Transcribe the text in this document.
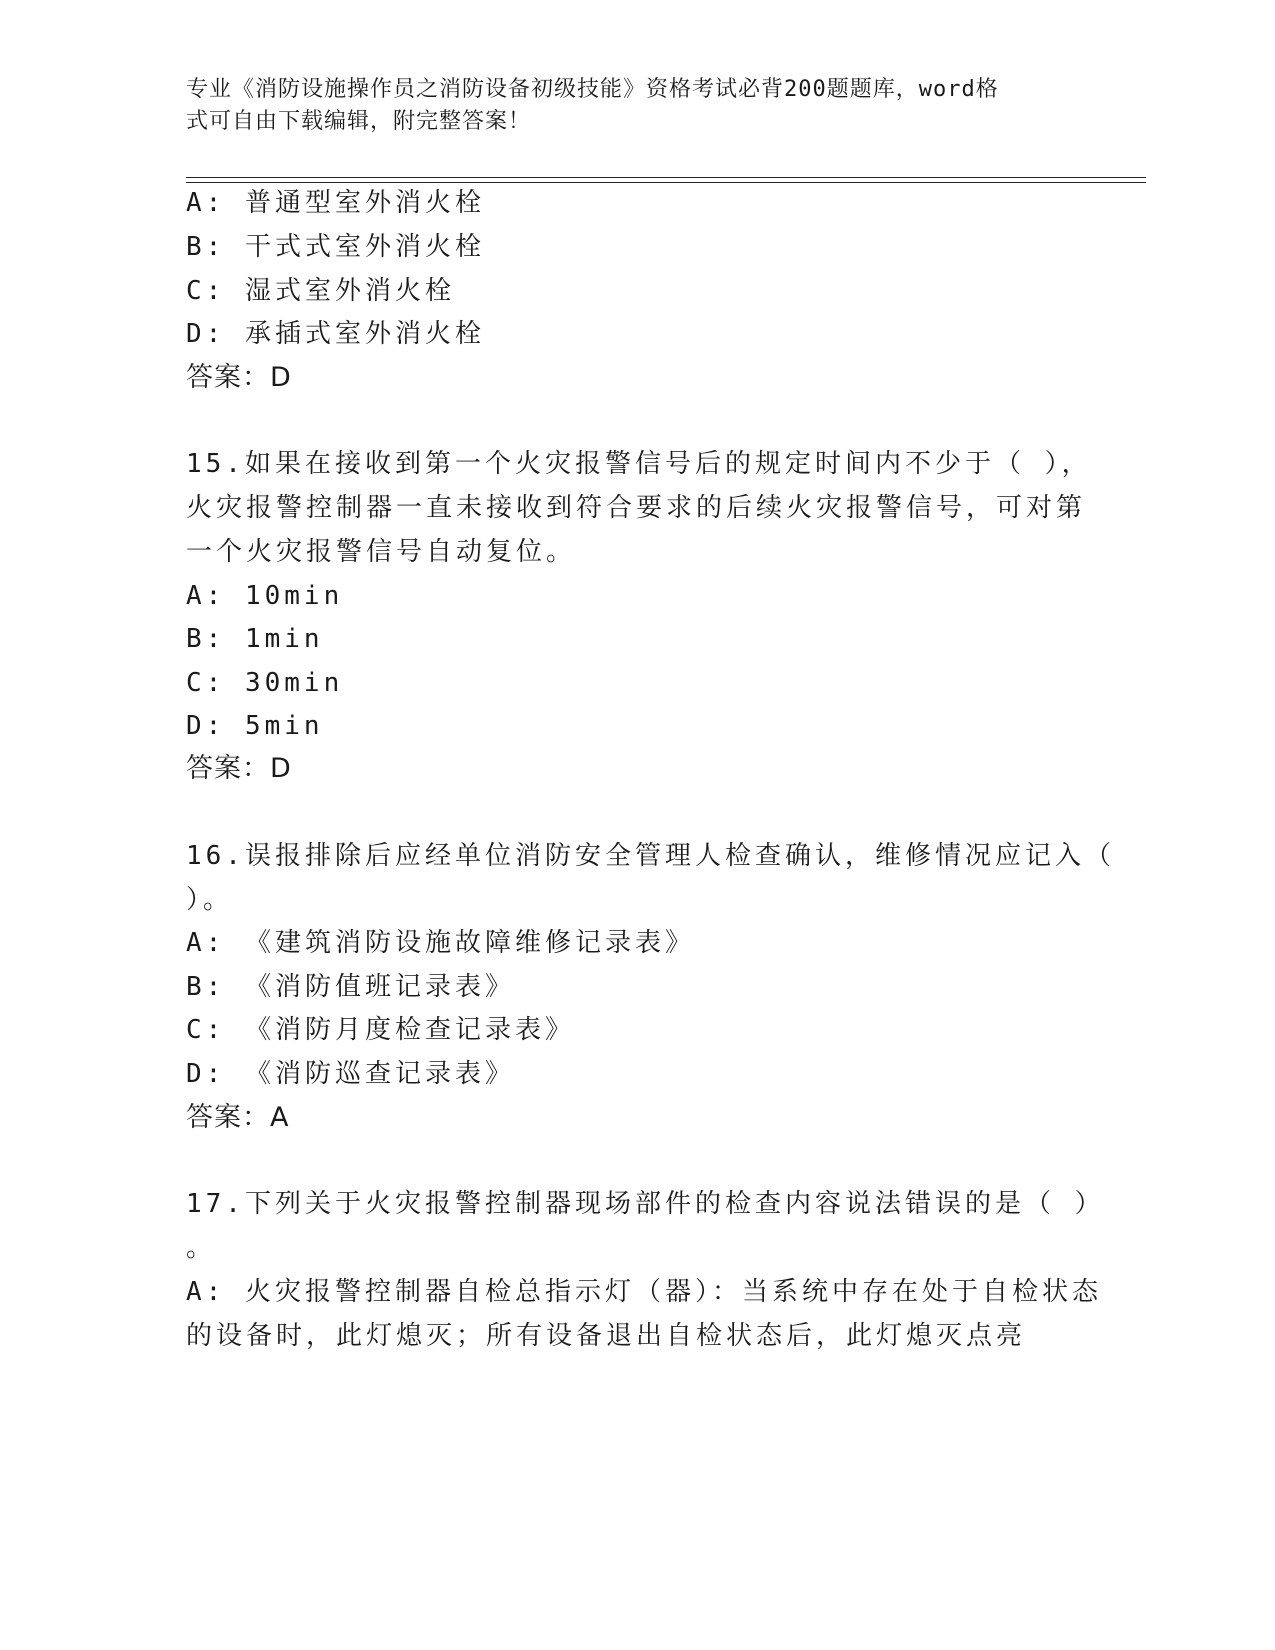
专业《消防设施操作员之消防设备初级技能》资格考试必背200题题库，word格
式可自由下载编辑，附完整答案！
A: 普通型室外消火栓
B: 干式式室外消火栓
C: 湿式室外消火栓
D: 承插式室外消火栓
答案：D
15.如果在接收到第一个火灾报警信号后的规定时间内不少于（ ），
火灾报警控制器一直未接收到符合要求的后续火灾报警信号，可对第
一个火灾报警信号自动复位。
A: 10min
B: 1min
C: 30min
D: 5min
答案：D
16.误报排除后应经单位消防安全管理人检查确认，维修情况应记入（
）。
A: 《建筑消防设施故障维修记录表》
B: 《消防值班记录表》
C: 《消防月度检查记录表》
D: 《消防巡查记录表》
答案：A
17.下列关于火灾报警控制器现场部件的检查内容说法错误的是（ ）
。
A: 火灾报警控制器自检总指示灯（器）：当系统中存在处于自检状态
的设备时，此灯熄灭；所有设备退出自检状态后，此灯熄灭点亮
